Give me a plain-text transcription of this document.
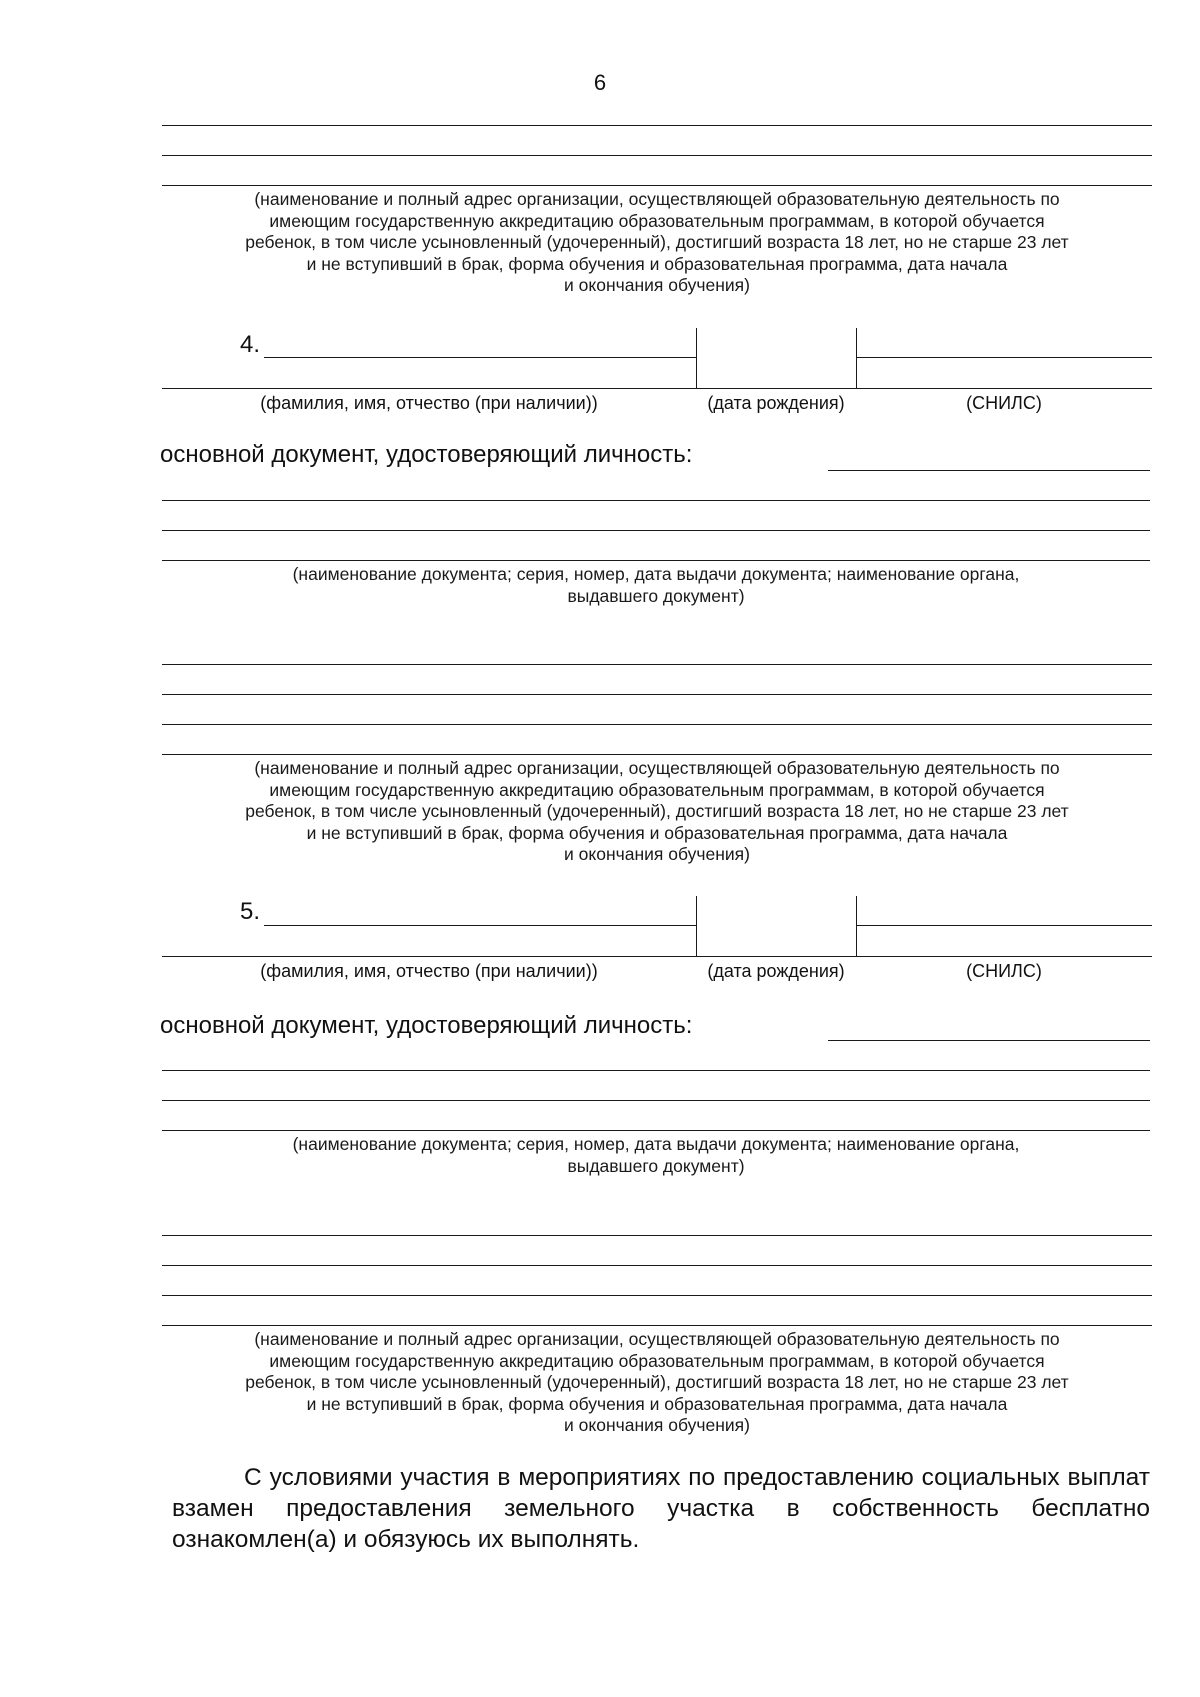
6
(наименование и полный адрес организации, осуществляющей образовательную деятельность по
имеющим государственную аккредитацию образовательным программам, в которой обучается
ребенок, в том числе усыновленный (удочеренный), достигший возраста 18 лет, но не старше 23 лет
и не вступивший в брак, форма обучения и образовательная программа, дата начала
и окончания обучения)
4.
(фамилия, имя, отчество (при наличии))	(дата рождения)	(СНИЛС)
основной документ, удостоверяющий личность:
(наименование документа; серия, номер, дата выдачи документа; наименование органа,
выдавшего документ)
(наименование и полный адрес организации, осуществляющей образовательную деятельность по
имеющим государственную аккредитацию образовательным программам, в которой обучается
ребенок, в том числе усыновленный (удочеренный), достигший возраста 18 лет, но не старше 23 лет
и не вступивший в брак, форма обучения и образовательная программа, дата начала
и окончания обучения)
5.
(фамилия, имя, отчество (при наличии))	(дата рождения)	(СНИЛС)
основной документ, удостоверяющий личность:
(наименование документа; серия, номер, дата выдачи документа; наименование органа,
выдавшего документ)
(наименование и полный адрес организации, осуществляющей образовательную деятельность по
имеющим государственную аккредитацию образовательным программам, в которой обучается
ребенок, в том числе усыновленный (удочеренный), достигший возраста 18 лет, но не старше 23 лет
и не вступивший в брак, форма обучения и образовательная программа, дата начала
и окончания обучения)
С условиями участия в мероприятиях по предоставлению социальных выплат взамен предоставления земельного участка в собственность бесплатно ознакомлен(а) и обязуюсь их выполнять.
